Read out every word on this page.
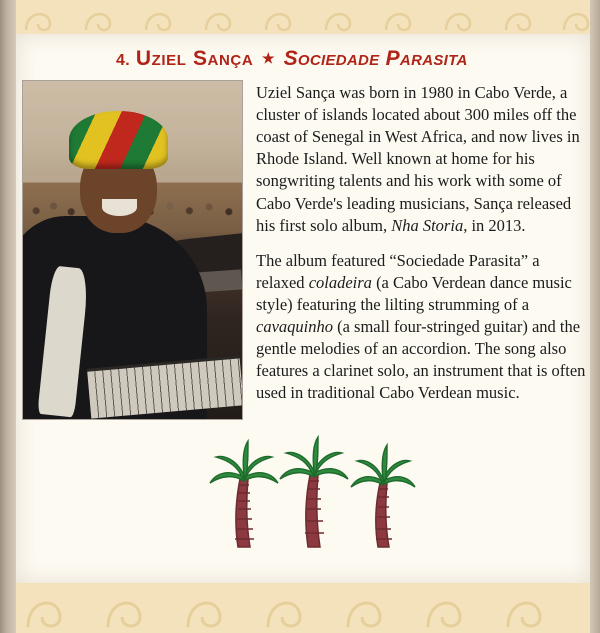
4. Uziel Sança ★ Sociedade Parasita

Uziel Sança was born in 1980 in Cabo Verde, a cluster of islands located about 300 miles off the coast of Senegal in West Africa, and now lives in Rhode Island. Well known at home for his songwriting talents and his work with some of Cabo Verde's leading musicians, Sança released his first solo album, Nha Storia, in 2013.

The album featured “Sociedade Parasita” a relaxed coladeira (a Cabo Verdean dance music style) featuring the lilting strumming of a cavaquinho (a small four-stringed guitar) and the gentle melodies of an accordion. The song also features a clarinet solo, an instrument that is often used in traditional Cabo Verdean music.
